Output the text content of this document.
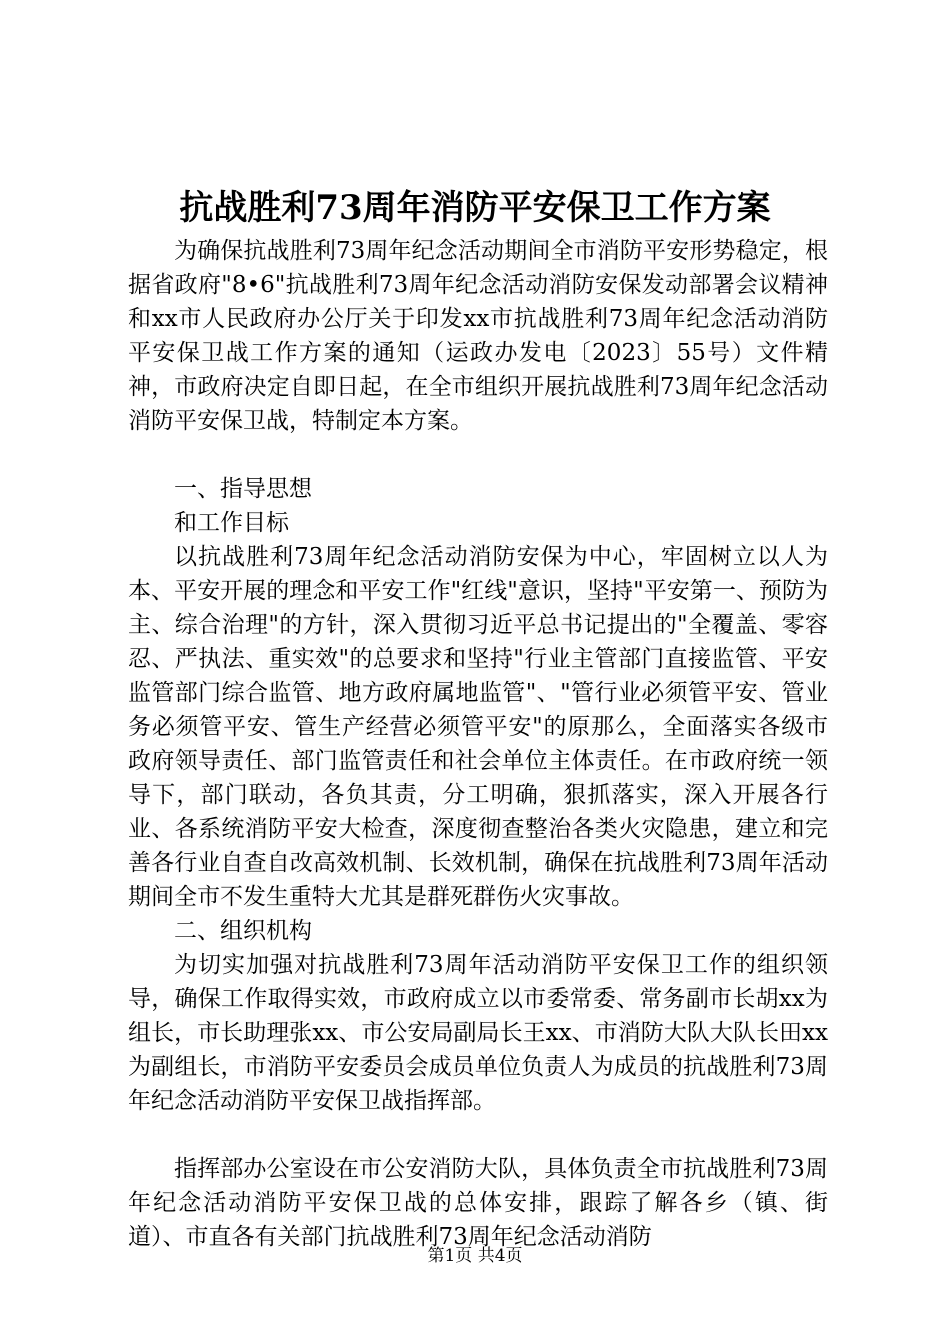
抗战胜利73周年消防平安保卫工作方案

为确保抗战胜利73周年纪念活动期间全市消防平安形势稳定，根据省政府"8•6"抗战胜利73周年纪念活动消防安保发动部署会议精神和xx市人民政府办公厅关于印发xx市抗战胜利73周年纪念活动消防平安保卫战工作方案的通知（运政办发电〔2023〕55号）文件精神，市政府决定自即日起，在全市组织开展抗战胜利73周年纪念活动消防平安保卫战，特制定本方案。

一、指导思想

和工作目标

以抗战胜利73周年纪念活动消防安保为中心，牢固树立以人为本、平安开展的理念和平安工作"红线"意识，坚持"平安第一、预防为主、综合治理"的方针，深入贯彻习近平总书记提出的"全覆盖、零容忍、严执法、重实效"的总要求和坚持"行业主管部门直接监管、平安监管部门综合监管、地方政府属地监管"、"管行业必须管平安、管业务必须管平安、管生产经营必须管平安"的原那么，全面落实各级市政府领导责任、部门监管责任和社会单位主体责任。在市政府统一领导下，部门联动，各负其责，分工明确，狠抓落实，深入开展各行业、各系统消防平安大检查，深度彻查整治各类火灾隐患，建立和完善各行业自查自改高效机制、长效机制，确保在抗战胜利73周年活动期间全市不发生重特大尤其是群死群伤火灾事故。

二、组织机构

为切实加强对抗战胜利73周年活动消防平安保卫工作的组织领导，确保工作取得实效，市政府成立以市委常委、常务副市长胡xx为组长，市长助理张xx、市公安局副局长王xx、市消防大队大队长田xx为副组长，市消防平安委员会成员单位负责人为成员的抗战胜利73周年纪念活动消防平安保卫战指挥部。

指挥部办公室设在市公安消防大队，具体负责全市抗战胜利73周年纪念活动消防平安保卫战的总体安排，跟踪了解各乡（镇、街道）、市直各有关部门抗战胜利73周年纪念活动消防

第1页 共4页
